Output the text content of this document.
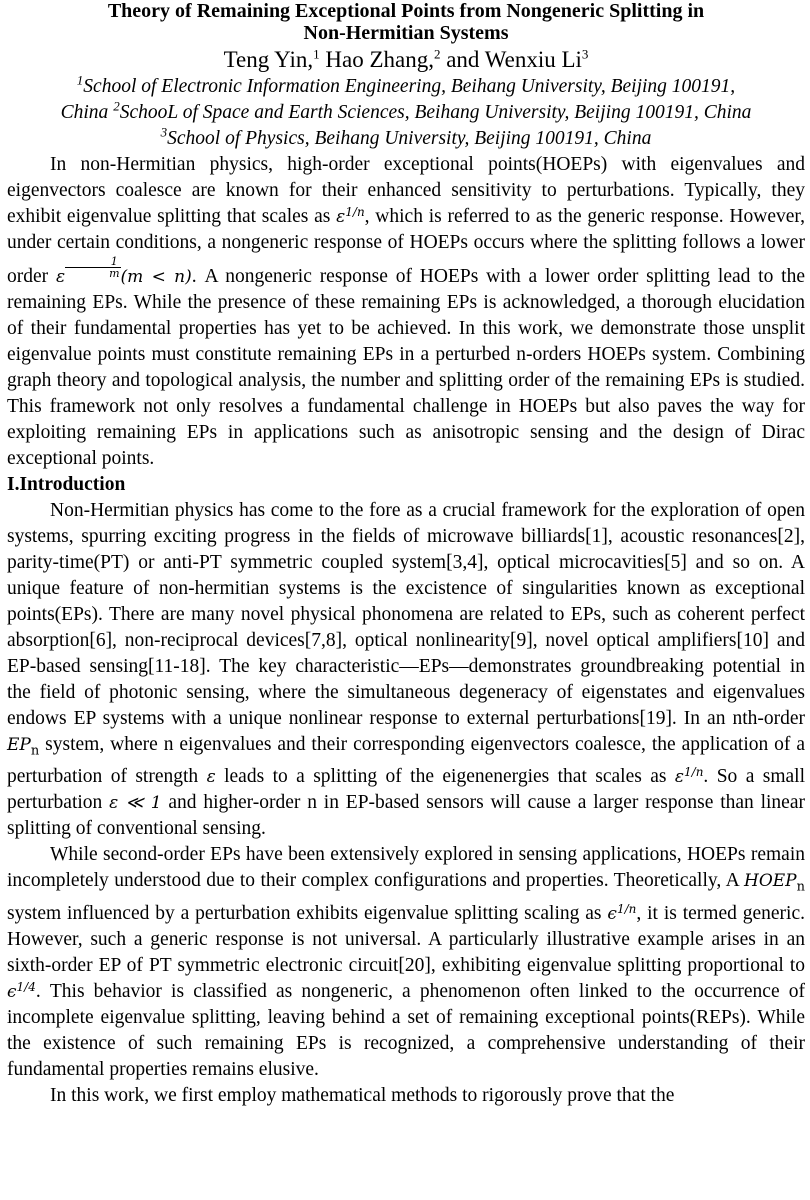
Theory of Remaining Exceptional Points from Nongeneric Splitting in
Non-Hermitian Systems
Teng Yin,$^1$ Hao Zhang,$^2$ and Wenxiu Li$^3$
$^1$School of Electronic Information Engineering, Beihang University, Beijing 100191,
China $^2$SchooL of Space and Earth Sciences, Beihang University, Beijing 100191, China
$^3$School of Physics, Beihang University, Beijing 100191, China

In non-Hermitian physics, high-order exceptional points(HOEPs) with eigenvalues and eigenvectors coalesce are known for their enhanced sensitivity to perturbations. Typically, they exhibit eigenvalue splitting that scales as $\varepsilon^{1/n}$, which is referred to as the generic response. However, under certain conditions, a nongeneric response of HOEPs occurs where the splitting follows a lower order ε $\frac{1}{m} (m < n)$. A nongeneric response of HOEPs with a lower order splitting lead to the remaining EPs. While the presence of these remaining EPs is acknowledged, a thorough elucidation of their fundamental properties has yet to be achieved. In this work, we demonstrate those unsplit eigenvalue points must constitute remaining EPs in a perturbed n-orders HOEPs system. Combining graph theory and topological analysis, the number and splitting order of the remaining EPs is studied. This framework not only resolves a fundamental challenge in HOEPs but also paves the way for exploiting remaining EPs in applications such as anisotropic sensing and the design of Dirac exceptional points.

I.Introduction

Non-Hermitian physics has come to the fore as a crucial framework for the exploration of open systems, spurring exciting progress in the fields of microwave billiards[1], acoustic resonances[2], parity-time(PT) or anti-PT symmetric coupled system[3,4], optical microcavities[5] and so on. A unique feature of non-hermitian systems is the excistence of singularities known as exceptional points(EPs). There are many novel physical phonomena are related to EPs, such as coherent perfect absorption[6], non-reciprocal devices[7,8], optical nonlinearity[9], novel optical amplifiers[10] and EP-based sensing[11-18]. The key characteristic—EPs—demonstrates groundbreaking potential in the field of photonic sensing, where the simultaneous degeneracy of eigenstates and eigenvalues endows EP systems with a unique nonlinear response to external perturbations[19]. In an nth-order $EP_n$ system, where n eigenvalues and their corresponding eigenvectors coalesce, the application of a perturbation of strength ε leads to a splitting of the eigenenergies that scales as $\varepsilon^{1/n}$. So a small perturbation ε ≪ 1 and higher-order n in EP-based sensors will cause a larger response than linear splitting of conventional sensing.

While second-order EPs have been extensively explored in sensing applications, HOEPs remain incompletely understood due to their complex configurations and properties. Theoretically, A $HOEP_n$ system influenced by a perturbation exhibits eigenvalue splitting scaling as $\epsilon^{1/n}$, it is termed generic. However, such a generic response is not universal. A particularly illustrative example arises in an sixth-order EP of PT symmetric electronic circuit[20], exhibiting eigenvalue splitting proportional to $\epsilon^{1/4}$. This behavior is classified as nongeneric, a phenomenon often linked to the occurrence of incomplete eigenvalue splitting, leaving behind a set of remaining exceptional points(REPs). While the existence of such remaining EPs is recognized, a comprehensive understanding of their fundamental properties remains elusive.

In this work, we first employ mathematical methods to rigorously prove that the
